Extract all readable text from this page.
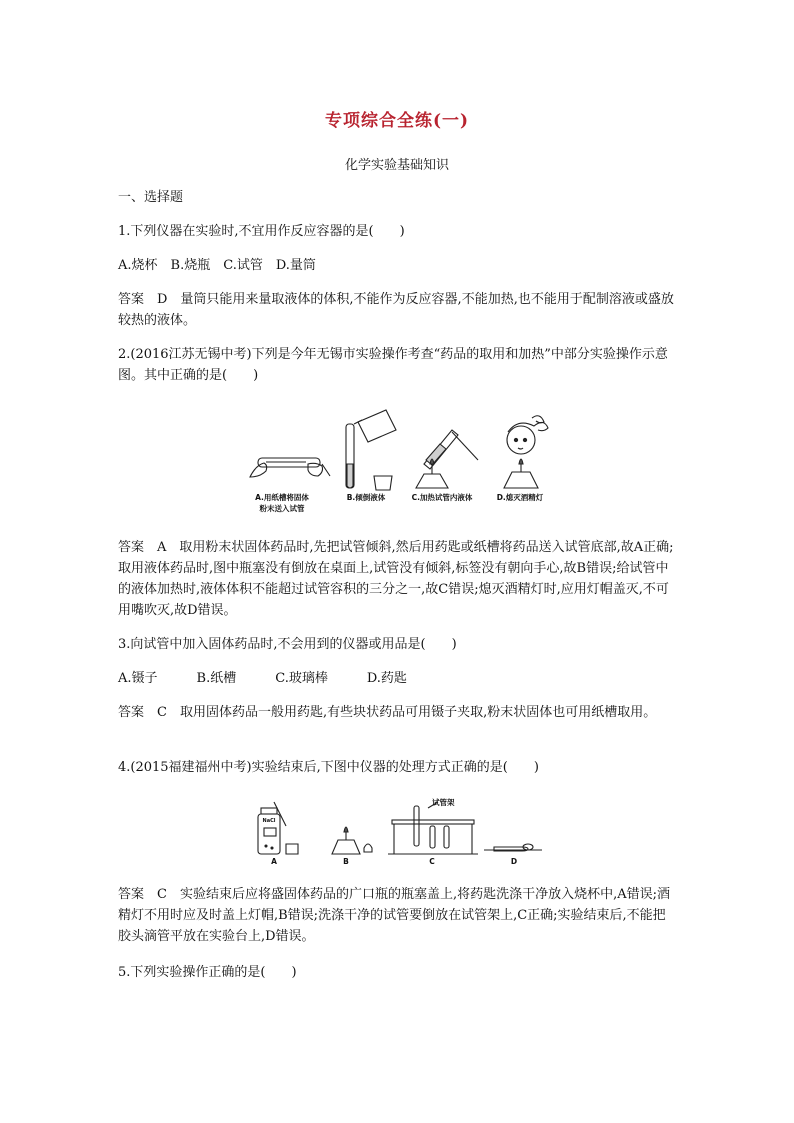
专项综合全练(一)
化学实验基础知识

一、选择题

1.下列仪器在实验时,不宜用作反应容器的是(　　)

A.烧杯　B.烧瓶　C.试管　D.量筒

答案　D　量筒只能用来量取液体的体积,不能作为反应容器,不能加热,也不能用于配制溶液或盛放较热的液体。

2.(2016江苏无锡中考)下列是今年无锡市实验操作考查“药品的取用和加热”中部分实验操作示意图。其中正确的是(　　)

A.用纸槽将固体
粉末送入试管
B.倾倒液体	C.加热试管内液体	D.熄灭酒精灯

答案　A　取用粉末状固体药品时,先把试管倾斜,然后用药匙或纸槽将药品送入试管底部,故A正确;取用液体药品时,图中瓶塞没有倒放在桌面上,试管没有倾斜,标签没有朝向手心,故B错误;给试管中的液体加热时,液体体积不能超过试管容积的三分之一,故C错误;熄灭酒精灯时,应用灯帽盖灭,不可用嘴吹灭,故D错误。

3.向试管中加入固体药品时,不会用到的仪器或用品是(　　)

A.镊子　　　B.纸槽　　　C.玻璃棒　　　D.药匙

答案　C　取用固体药品一般用药匙,有些块状药品可用镊子夹取,粉末状固体也可用纸槽取用。

4.(2015福建福州中考)实验结束后,下图中仪器的处理方式正确的是(　　)

试管架
NaCl
A	B	C	D

答案　C　实验结束后应将盛固体药品的广口瓶的瓶塞盖上,将药匙洗涤干净放入烧杯中,A错误;酒精灯不用时应及时盖上灯帽,B错误;洗涤干净的试管要倒放在试管架上,C正确;实验结束后,不能把胶头滴管平放在实验台上,D错误。

5.下列实验操作正确的是(　　)
